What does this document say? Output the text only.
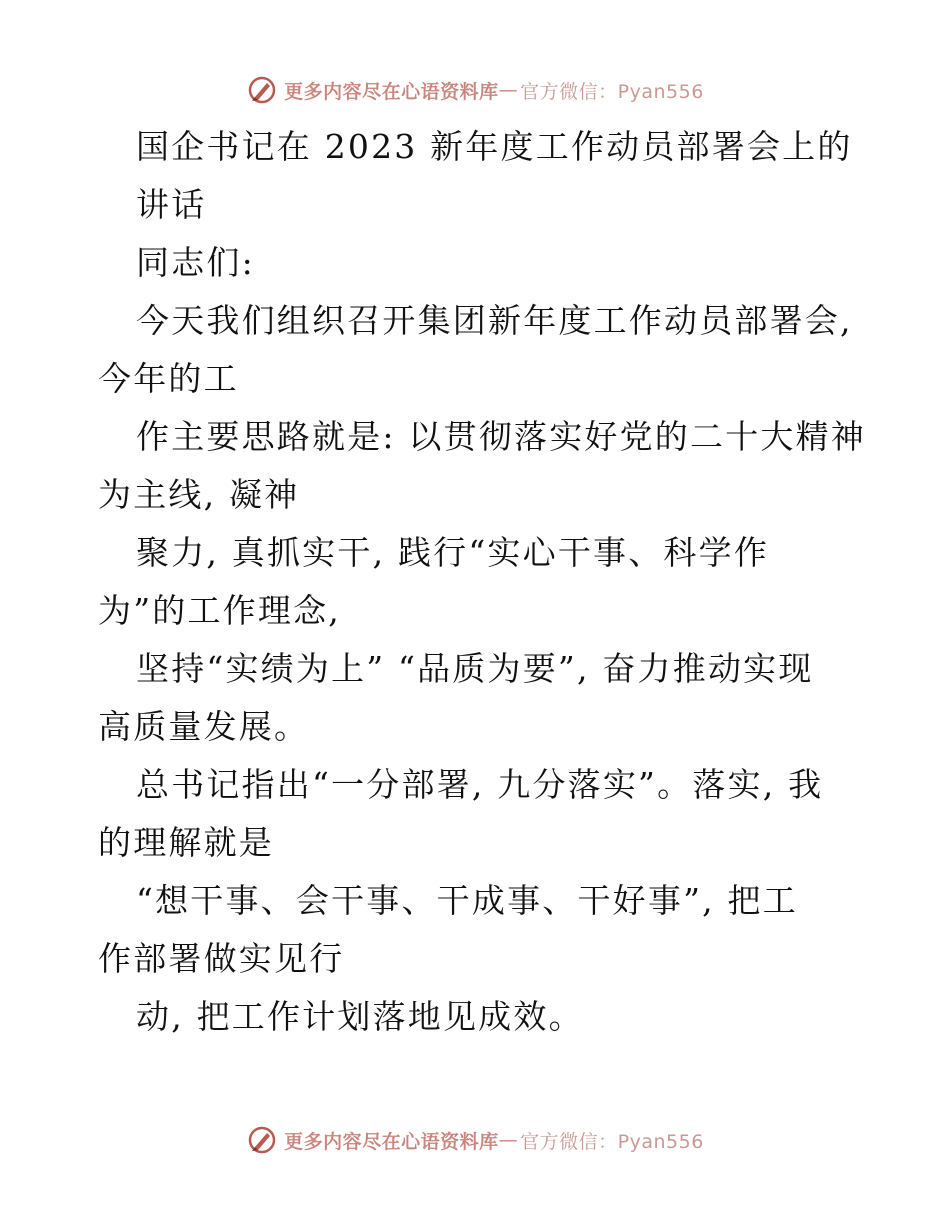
更多内容尽在心语资料库 — 官方微信：Pyan556
国企书记在 2023 新年度工作动员部署会上的
讲话
同志们:
今天我们组织召开集团新年度工作动员部署会,
今年的工
作主要思路就是: 以贯彻落实好党的二十大精神
为主线, 凝神
聚力, 真抓实干, 践行“实心干事、科学作
为”的工作理念,
坚持“实绩为上” “品质为要”, 奋力推动实现
高质量发展。
总书记指出“一分部署, 九分落实”。落实, 我
的理解就是
“想干事、会干事、干成事、干好事”, 把工
作部署做实见行
动, 把工作计划落地见成效。
更多内容尽在心语资料库 — 官方微信：Pyan556
